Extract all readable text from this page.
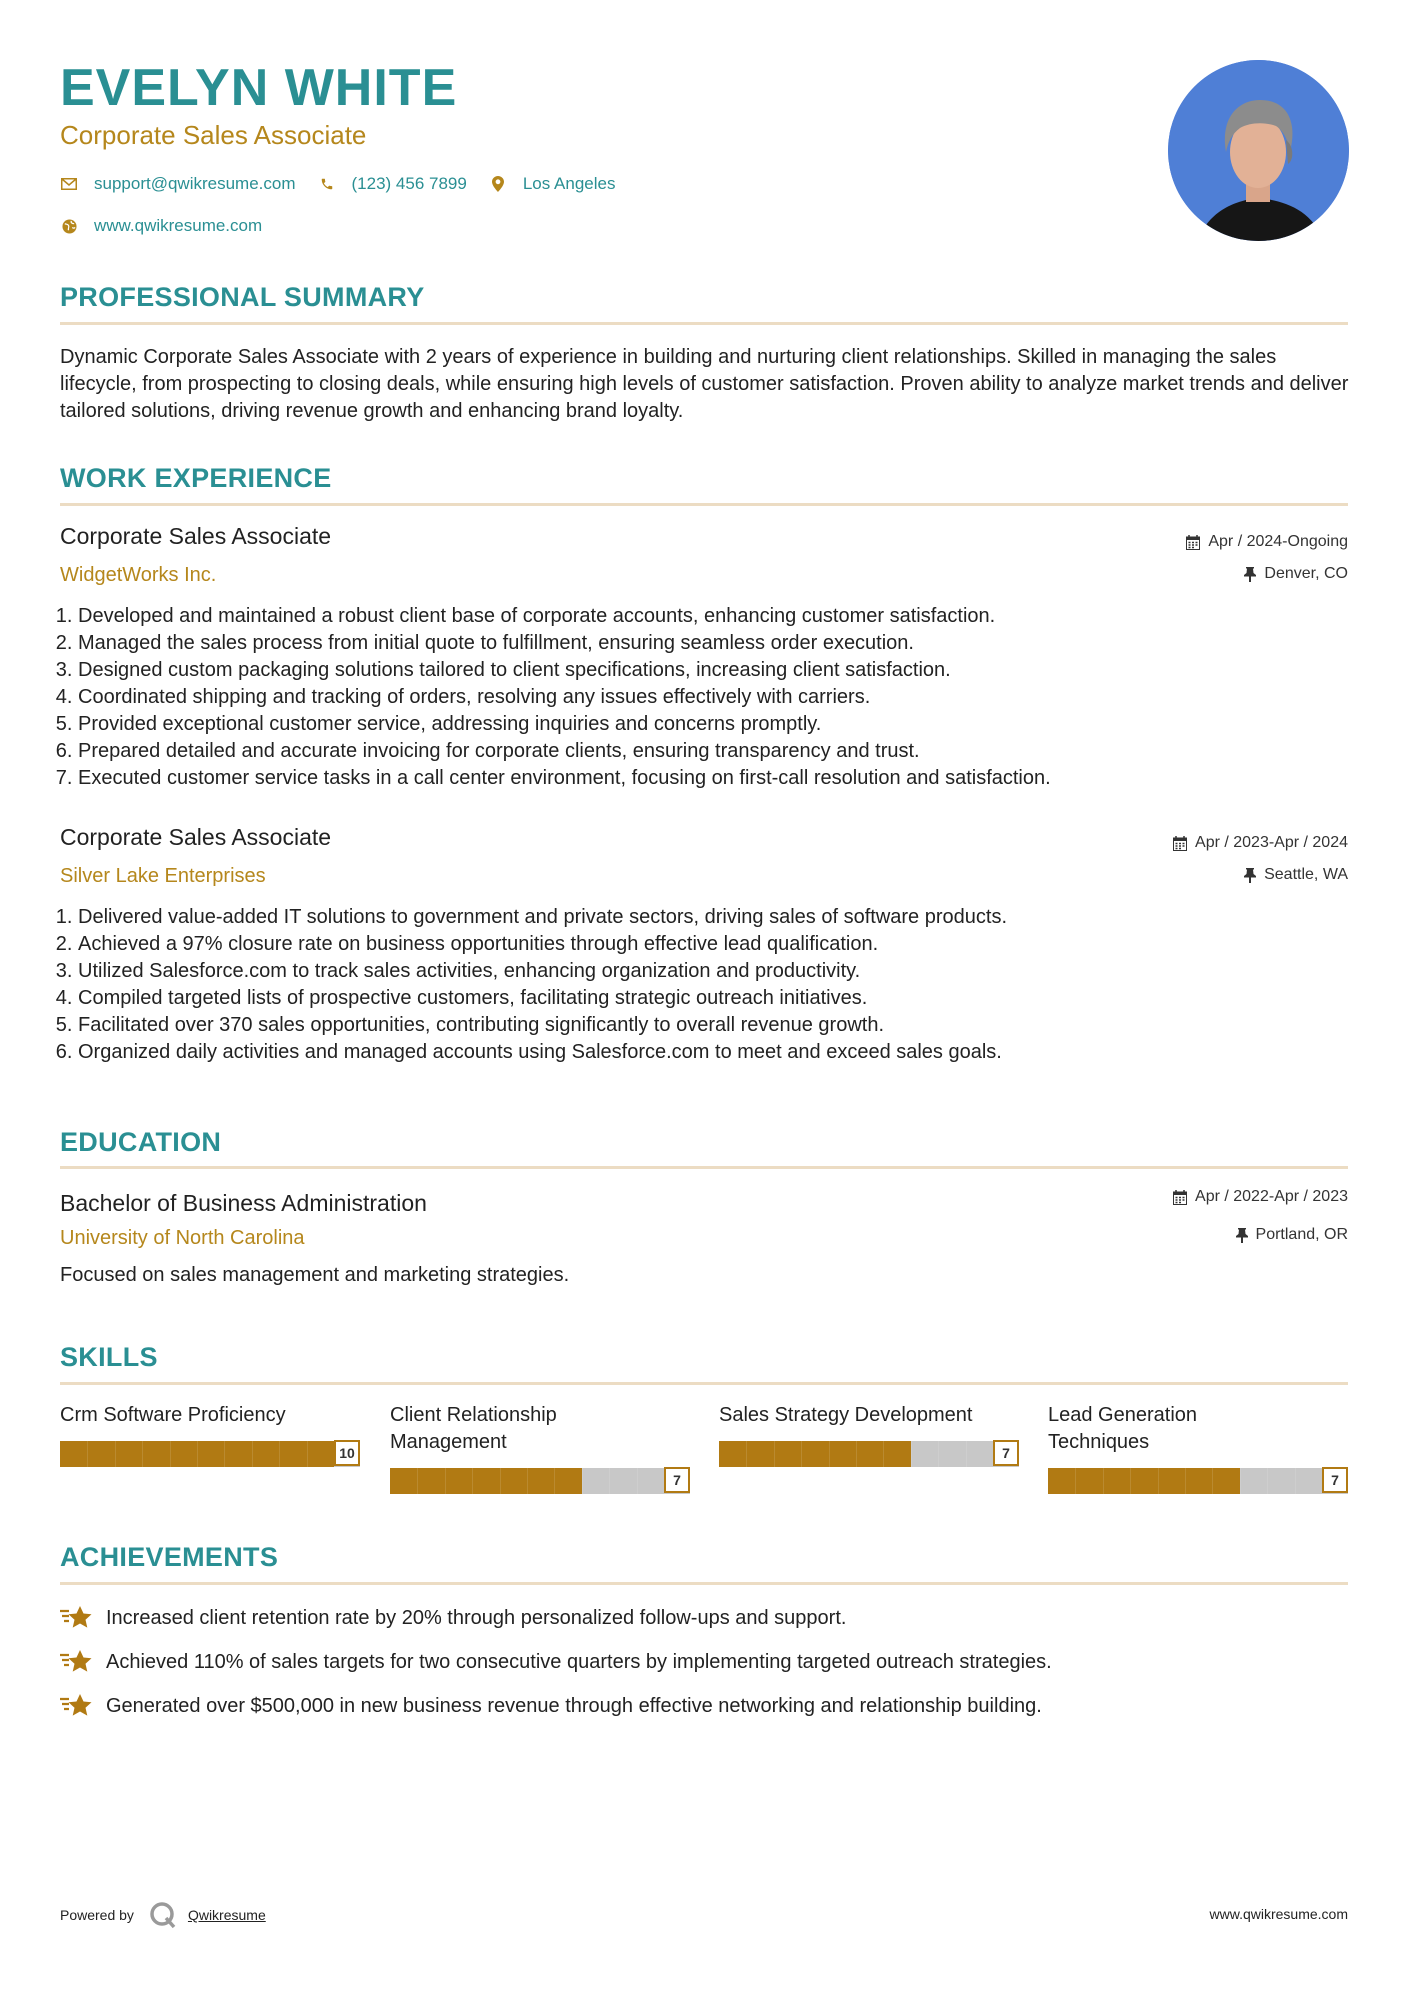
EVELYN WHITE
Corporate Sales Associate
support@qwikresume.com	(123) 456 7899	Los Angeles
www.qwikresume.com
PROFESSIONAL SUMMARY
Dynamic Corporate Sales Associate with 2 years of experience in building and nurturing client relationships. Skilled in managing the sales lifecycle, from prospecting to closing deals, while ensuring high levels of customer satisfaction. Proven ability to analyze market trends and deliver tailored solutions, driving revenue growth and enhancing brand loyalty.
WORK EXPERIENCE
Corporate Sales Associate	Apr / 2024-Ongoing
WidgetWorks Inc.	Denver, CO
1. Developed and maintained a robust client base of corporate accounts, enhancing customer satisfaction.
2. Managed the sales process from initial quote to fulfillment, ensuring seamless order execution.
3. Designed custom packaging solutions tailored to client specifications, increasing client satisfaction.
4. Coordinated shipping and tracking of orders, resolving any issues effectively with carriers.
5. Provided exceptional customer service, addressing inquiries and concerns promptly.
6. Prepared detailed and accurate invoicing for corporate clients, ensuring transparency and trust.
7. Executed customer service tasks in a call center environment, focusing on first-call resolution and satisfaction.
Corporate Sales Associate	Apr / 2023-Apr / 2024
Silver Lake Enterprises	Seattle, WA
1. Delivered value-added IT solutions to government and private sectors, driving sales of software products.
2. Achieved a 97% closure rate on business opportunities through effective lead qualification.
3. Utilized Salesforce.com to track sales activities, enhancing organization and productivity.
4. Compiled targeted lists of prospective customers, facilitating strategic outreach initiatives.
5. Facilitated over 370 sales opportunities, contributing significantly to overall revenue growth.
6. Organized daily activities and managed accounts using Salesforce.com to meet and exceed sales goals.
EDUCATION
Bachelor of Business Administration	Apr / 2022-Apr / 2023
University of North Carolina	Portland, OR
Focused on sales management and marketing strategies.
SKILLS
Crm Software Proficiency
10
Client Relationship Management
7
Sales Strategy Development
7
Lead Generation Techniques
7
ACHIEVEMENTS
Increased client retention rate by 20% through personalized follow-ups and support.
Achieved 110% of sales targets for two consecutive quarters by implementing targeted outreach strategies.
Generated over $500,000 in new business revenue through effective networking and relationship building.
Powered by	Qwikresume	www.qwikresume.com
